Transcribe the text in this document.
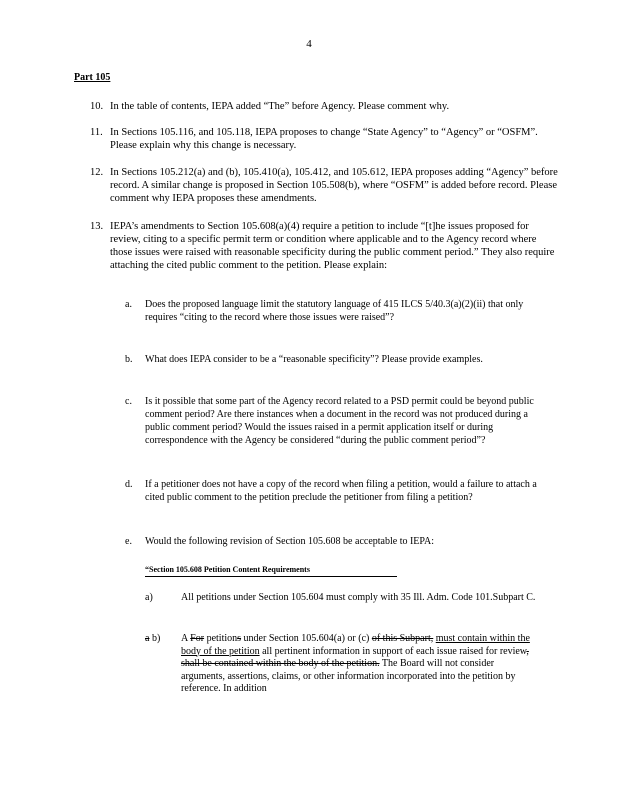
4
Part 105
10. In the table of contents, IEPA added “The” before Agency. Please comment why.
11. In Sections 105.116, and 105.118, IEPA proposes to change “State Agency” to “Agency” or “OSFM”. Please explain why this change is necessary.
12. In Sections 105.212(a) and (b), 105.410(a), 105.412, and 105.612, IEPA proposes adding “Agency” before record. A similar change is proposed in Section 105.508(b), where “OSFM” is added before record. Please comment why IEPA proposes these amendments.
13. IEPA’s amendments to Section 105.608(a)(4) require a petition to include “[t]he issues proposed for review, citing to a specific permit term or condition where applicable and to the Agency record where those issues were raised with reasonable specificity during the public comment period.” They also require attaching the cited public comment to the petition. Please explain:
a. Does the proposed language limit the statutory language of 415 ILCS 5/40.3(a)(2)(ii) that only requires “citing to the record where those issues were raised”?
b. What does IEPA consider to be a “reasonable specificity”? Please provide examples.
c. Is it possible that some part of the Agency record related to a PSD permit could be beyond public comment period? Are there instances when a document in the record was not produced during a public comment period? Would the issues raised in a permit application itself or during correspondence with the Agency be considered “during the public comment period”?
d. If a petitioner does not have a copy of the record when filing a petition, would a failure to attach a cited public comment to the petition preclude the petitioner from filing a petition?
e. Would the following revision of Section 105.608 be acceptable to IEPA:
“Section 105.608 Petition Content Requirements
a)	All petitions under Section 105.604 must comply with 35 Ill. Adm. Code 101.Subpart C.
a b) A For petitions under Section 105.604(a) or (c) of this Subpart, must contain within the body of the petition all pertinent information in support of each issue raised for review, shall be contained within the body of the petition. The Board will not consider arguments, assertions, claims, or other information incorporated into the petition by reference. In addition
